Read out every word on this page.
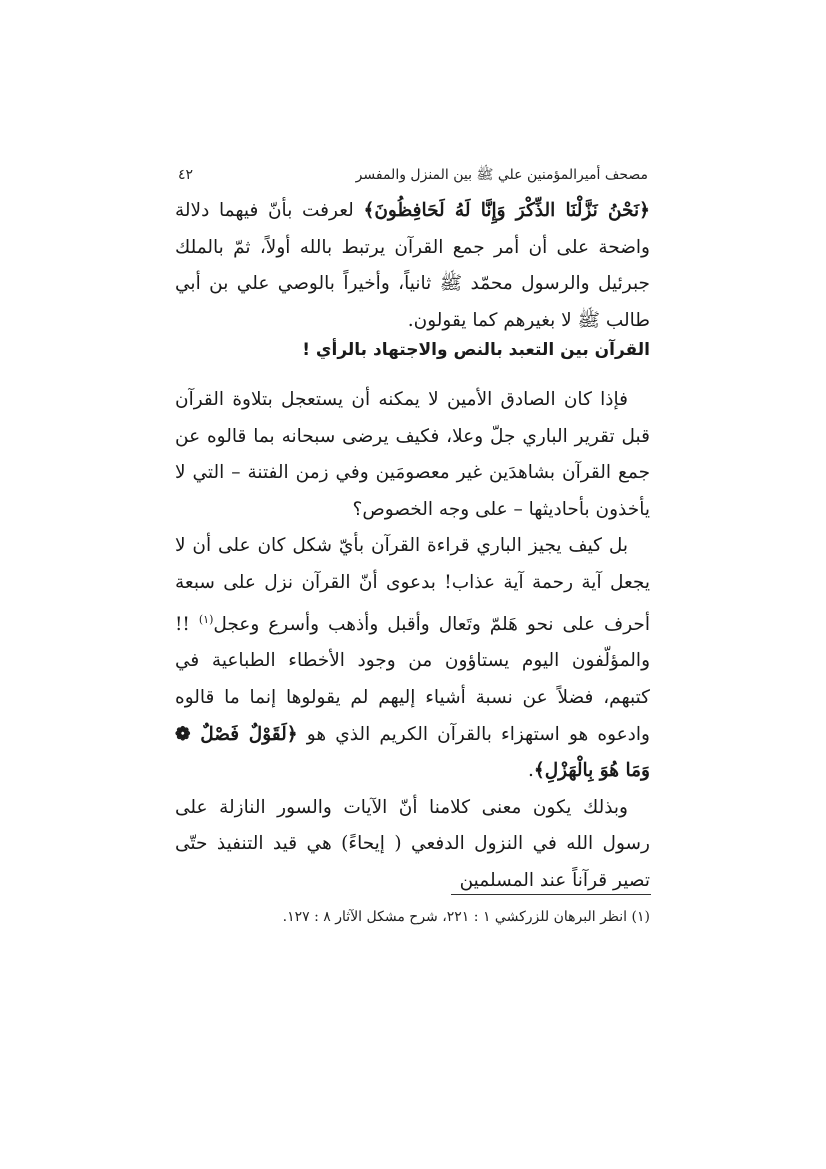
مصحف أميرالمؤمنين علي ﷺ بين المنزل والمفسر
٤٢

﴿نَحْنُ نَزَّلْنَا الذِّكْرَ وَإِنَّا لَهُ لَحَافِظُونَ﴾ لعرفت بأنّ فيهما دلالة واضحة على أن أمر جمع القرآن يرتبط بالله أولاً، ثمّ بالملك جبرئيل والرسول محمّد ﷺ ثانياً، وأخيراً بالوصي علي بن أبي طالب ﷺ لا بغيرهم كما يقولون.

القرآن بين التعبد بالنص والاجتهاد بالرأي !

فإذا كان الصادق الأمين لا يمكنه أن يستعجل بتلاوة القرآن قبل تقرير الباري جلّ وعلا، فكيف يرضى سبحانه بما قالوه عن جمع القرآن بشاهدَين غير معصومَين وفي زمن الفتنة – التي لا يأخذون بأحاديثها – على وجه الخصوص؟

بل كيف يجيز الباري قراءة القرآن بأيّ شكل كان على أن لا يجعل آية رحمة آية عذاب! بدعوى أنّ القرآن نزل على سبعة أحرف على نحو هَلمّ وتَعال وأقبل وأذهب وأسرع وعجل$^{(١)}$ !! والمؤلّفون اليوم يستاؤون من وجود الأخطاء الطباعية في كتبهم، فضلاً عن نسبة أشياء إليهم لم يقولوها إنما ما قالوه وادعوه هو استهزاء بالقرآن الكريم الذي هو ﴿لَقَوْلٌ فَصْلٌ ❁ وَمَا هُوَ بِالْهَزْلِ﴾.

وبذلك يكون معنى كلامنا أنّ الآيات والسور النازلة على رسول الله في النزول الدفعي ( إيحاءً) هي قيد التنفيذ حتّى تصير قرآناً عند المسلمين

(١) انظر البرهان للزركشي ١ : ٢٢١، شرح مشكل الآثار ٨ : ١٢٧.
